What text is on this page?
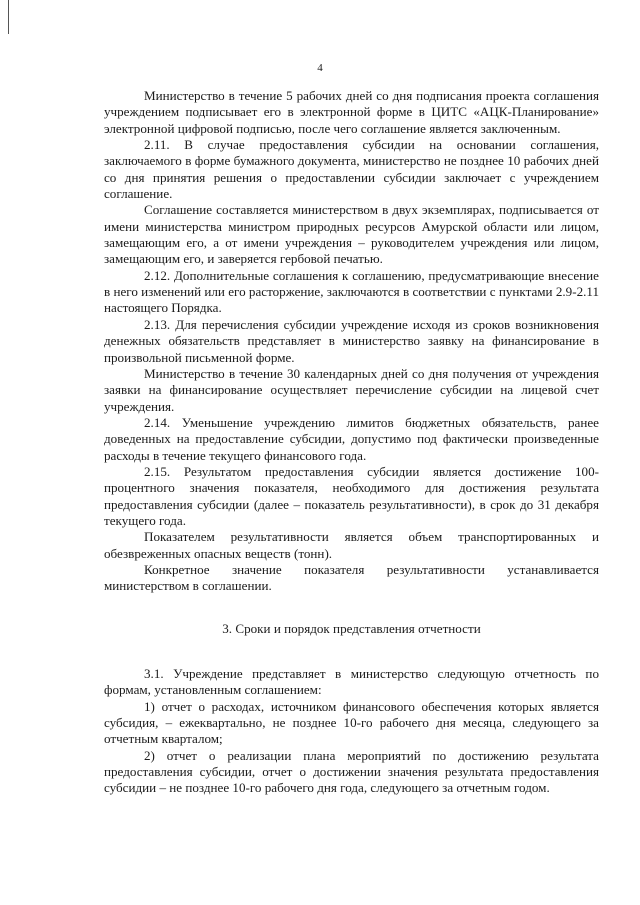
4

Министерство в течение 5 рабочих дней со дня подписания проекта соглашения учреждением подписывает его в электронной форме в ЦИТС «АЦК-Планирование» электронной цифровой подписью, после чего соглашение является заключенным.

2.11. В случае предоставления субсидии на основании соглашения, заключаемого в форме бумажного документа, министерство не позднее 10 рабочих дней со дня принятия решения о предоставлении субсидии заключает с учреждением соглашение.

Соглашение составляется министерством в двух экземплярах, подписывается от имени министерства министром природных ресурсов Амурской области или лицом, замещающим его, а от имени учреждения – руководителем учреждения или лицом, замещающим его, и заверяется гербовой печатью.

2.12. Дополнительные соглашения к соглашению, предусматривающие внесение в него изменений или его расторжение, заключаются в соответствии с пунктами 2.9-2.11 настоящего Порядка.

2.13. Для перечисления субсидии учреждение исходя из сроков возникновения денежных обязательств представляет в министерство заявку на финансирование в произвольной письменной форме.

Министерство в течение 30 календарных дней со дня получения от учреждения заявки на финансирование осуществляет перечисление субсидии на лицевой счет учреждения.

2.14. Уменьшение учреждению лимитов бюджетных обязательств, ранее доведенных на предоставление субсидии, допустимо под фактически произведенные расходы в течение текущего финансового года.

2.15. Результатом предоставления субсидии является достижение 100-процентного значения показателя, необходимого для достижения результата предоставления субсидии (далее – показатель результативности), в срок до 31 декабря текущего года.

Показателем результативности является объем транспортированных и обезвреженных опасных веществ (тонн).

Конкретное значение показателя результативности устанавливается министерством в соглашении.

3. Сроки и порядок представления отчетности

3.1. Учреждение представляет в министерство следующую отчетность по формам, установленным соглашением:

1) отчет о расходах, источником финансового обеспечения которых является субсидия, – ежеквартально, не позднее 10-го рабочего дня месяца, следующего за отчетным кварталом;

2) отчет о реализации плана мероприятий по достижению результата предоставления субсидии, отчет о достижении значения результата предоставления субсидии – не позднее 10-го рабочего дня года, следующего за отчетным годом.
